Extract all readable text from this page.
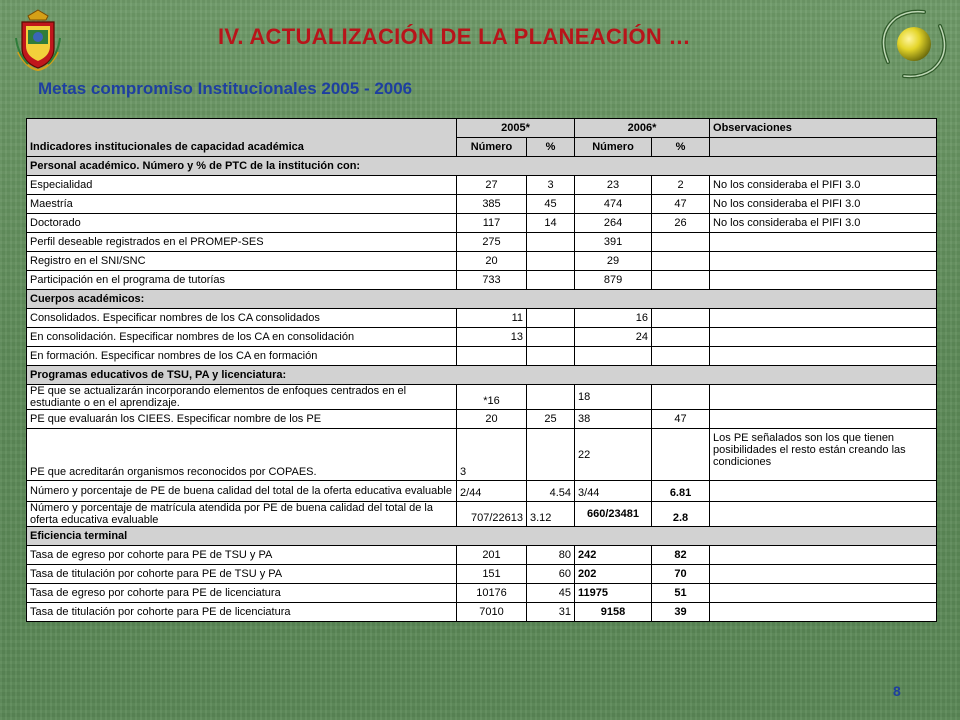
IV. ACTUALIZACIÓN DE LA PLANEACIÓN …
Metas compromiso Institucionales 2005 - 2006
Indicadores institucionales de capacidad académica	2005*		2006*		Observaciones
	Número	%	Número	%	
Personal académico. Número y % de PTC de la institución con:					
Especialidad	27	3	23	2	No los consideraba el PIFI 3.0
Maestría	385	45	474	47	No los consideraba el PIFI 3.0
Doctorado	117	14	264	26	No los consideraba el PIFI 3.0
Perfil deseable registrados en el PROMEP-SES	275		391		
Registro en el SNI/SNC	20		29		
Participación en el programa de tutorías	733		879		
Cuerpos académicos:					
Consolidados. Especificar nombres de los CA consolidados	11		16		
En consolidación. Especificar nombres de los CA en consolidación	13		24		
En formación. Especificar nombres de los CA en formación					
Programas educativos de TSU, PA y licenciatura:					
PE que se actualizarán incorporando elementos de enfoques centrados en el estudiante o en el aprendizaje.	*16		18		
PE que evaluarán los CIEES. Especificar nombre de los PE	20	25	38	47	
PE que acreditarán organismos reconocidos por COPAES.	3		22		Los PE señalados son los que tienen posibilidades el resto están creando las condiciones
Número y porcentaje de PE de buena calidad del total de la oferta educativa evaluable	2/44	4.54	3/44	6.81	
Número y porcentaje de matrícula atendida por PE de buena calidad del total de la oferta educativa evaluable	707/22613	3.12	660/23481	2.8	
Eficiencia terminal					
Tasa de egreso por cohorte para PE de TSU y PA	201	80	242	82	
Tasa de titulación por cohorte para PE de TSU y PA	151	60	202	70	
Tasa de egreso por cohorte para PE de licenciatura	10176	45	11975	51	
Tasa de titulación por cohorte para PE de licenciatura	7010	31	9158	39	
8
